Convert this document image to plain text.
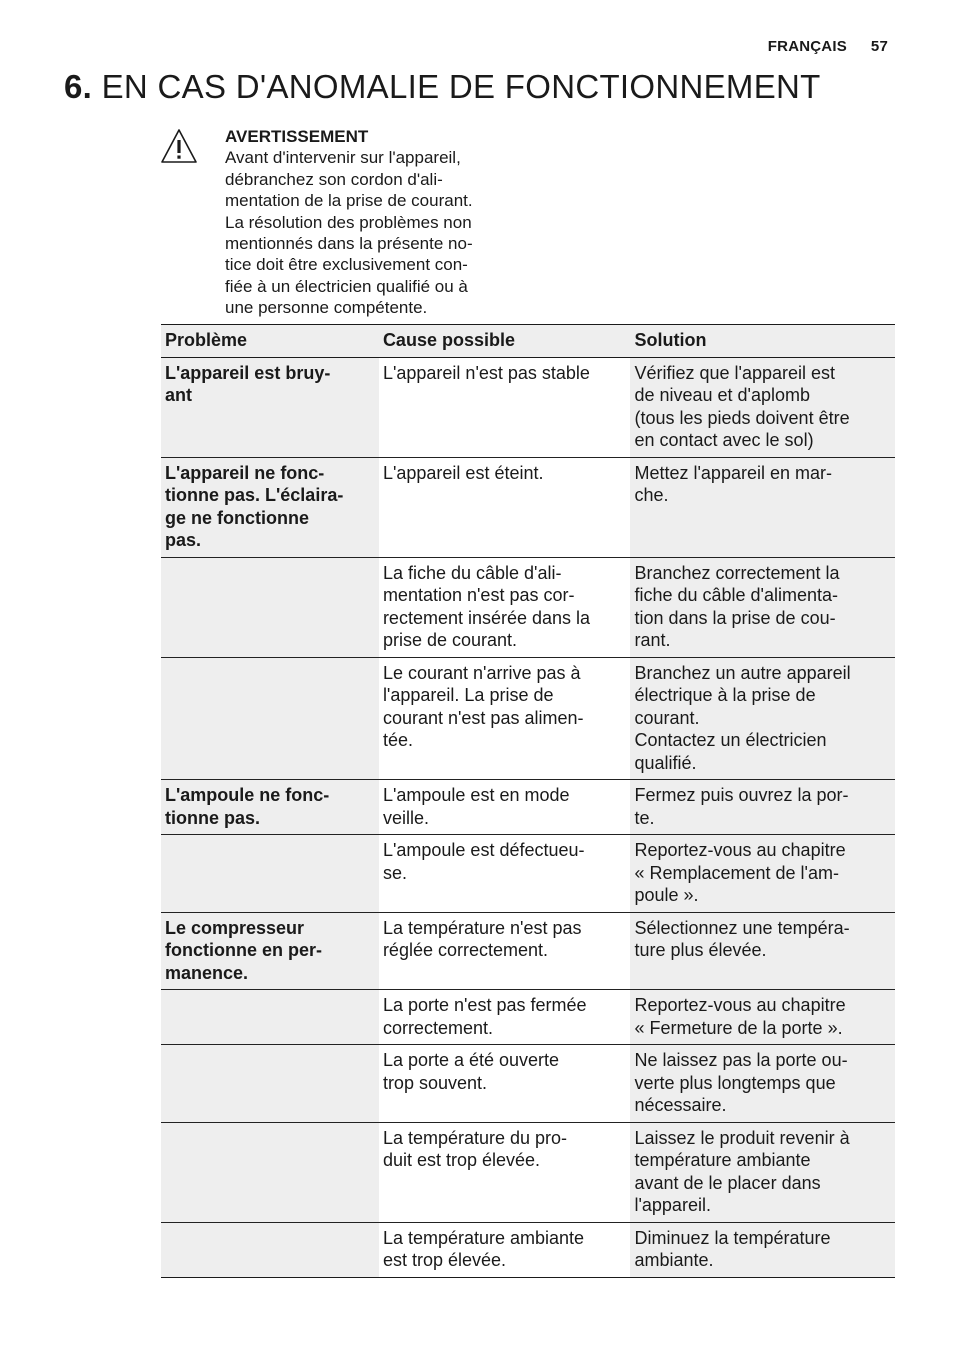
FRANÇAIS 57
6. EN CAS D'ANOMALIE DE FONCTIONNEMENT
AVERTISSEMENT
Avant d'intervenir sur l'appareil,
débranchez son cordon d'ali-
mentation de la prise de courant.
La résolution des problèmes non
mentionnés dans la présente no-
tice doit être exclusivement con-
fiée à un électricien qualifié ou à
une personne compétente.
Problème	Cause possible	Solution
L'appareil est bruy-
ant	L'appareil n'est pas stable	Vérifiez que l'appareil est
de niveau et d'aplomb
(tous les pieds doivent être
en contact avec le sol)
L'appareil ne fonc-
tionne pas. L'éclaira-
ge ne fonctionne
pas.	L'appareil est éteint.	Mettez l'appareil en mar-
che.
	La fiche du câble d'ali-
mentation n'est pas cor-
rectement insérée dans la
prise de courant.	Branchez correctement la
fiche du câble d'alimenta-
tion dans la prise de cou-
rant.
	Le courant n'arrive pas à
l'appareil. La prise de
courant n'est pas alimen-
tée.	Branchez un autre appareil
électrique à la prise de
courant.
Contactez un électricien
qualifié.
L'ampoule ne fonc-
tionne pas.	L'ampoule est en mode
veille.	Fermez puis ouvrez la por-
te.
	L'ampoule est défectueu-
se.	Reportez-vous au chapitre
« Remplacement de l'am-
poule ».
Le compresseur
fonctionne en per-
manence.	La température n'est pas
réglée correctement.	Sélectionnez une tempéra-
ture plus élevée.
	La porte n'est pas fermée
correctement.	Reportez-vous au chapitre
« Fermeture de la porte ».
	La porte a été ouverte
trop souvent.	Ne laissez pas la porte ou-
verte plus longtemps que
nécessaire.
	La température du pro-
duit est trop élevée.	Laissez le produit revenir à
température ambiante
avant de le placer dans
l'appareil.
	La température ambiante
est trop élevée.	Diminuez la température
ambiante.
